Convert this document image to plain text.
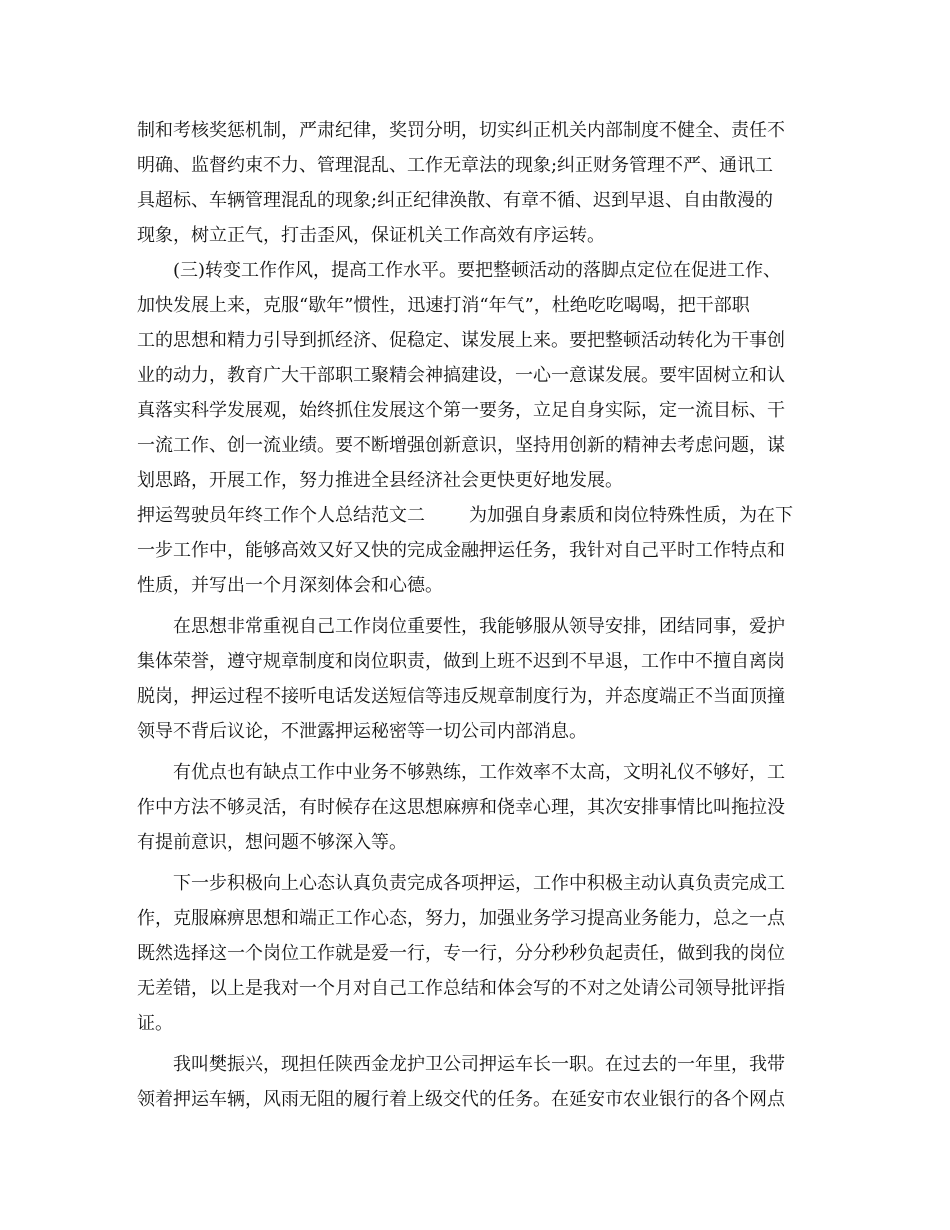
制和考核奖惩机制，严肃纪律，奖罚分明，切实纠正机关内部制度不健全、责任不
明确、监督约束不力、管理混乱、工作无章法的现象;纠正财务管理不严、通讯工
具超标、车辆管理混乱的现象;纠正纪律涣散、有章不循、迟到早退、自由散漫的
现象，树立正气，打击歪风，保证机关工作高效有序运转。
(三)转变工作作风，提高工作水平。要把整顿活动的落脚点定位在促进工作、
加快发展上来，克服“歇年”惯性，迅速打消“年气”，杜绝吃吃喝喝，把干部职
工的思想和精力引导到抓经济、促稳定、谋发展上来。要把整顿活动转化为干事创
业的动力，教育广大干部职工聚精会神搞建设，一心一意谋发展。要牢固树立和认
真落实科学发展观，始终抓住发展这个第一要务，立足自身实际，定一流目标、干
一流工作、创一流业绩。要不断增强创新意识，坚持用创新的精神去考虑问题，谋
划思路，开展工作，努力推进全县经济社会更快更好地发展。
押运驾驶员年终工作个人总结范文二 为加强自身素质和岗位特殊性质，为在下
一步工作中，能够高效又好又快的完成金融押运任务，我针对自己平时工作特点和
性质，并写出一个月深刻体会和心德。
在思想非常重视自己工作岗位重要性，我能够服从领导安排，团结同事，爱护
集体荣誉，遵守规章制度和岗位职责，做到上班不迟到不早退，工作中不擅自离岗
脱岗，押运过程不接听电话发送短信等违反规章制度行为，并态度端正不当面顶撞
领导不背后议论，不泄露押运秘密等一切公司内部消息。
有优点也有缺点工作中业务不够熟练，工作效率不太高，文明礼仪不够好，工
作中方法不够灵活，有时候存在这思想麻痹和侥幸心理，其次安排事情比叫拖拉没
有提前意识，想问题不够深入等。
下一步积极向上心态认真负责完成各项押运，工作中积极主动认真负责完成工
作，克服麻痹思想和端正工作心态，努力，加强业务学习提高业务能力，总之一点
既然选择这一个岗位工作就是爱一行，专一行，分分秒秒负起责任，做到我的岗位
无差错，以上是我对一个月对自己工作总结和体会写的不对之处请公司领导批评指
证。
我叫樊振兴，现担任陕西金龙护卫公司押运车长一职。在过去的一年里，我带
领着押运车辆，风雨无阻的履行着上级交代的任务。在延安市农业银行的各个网点
